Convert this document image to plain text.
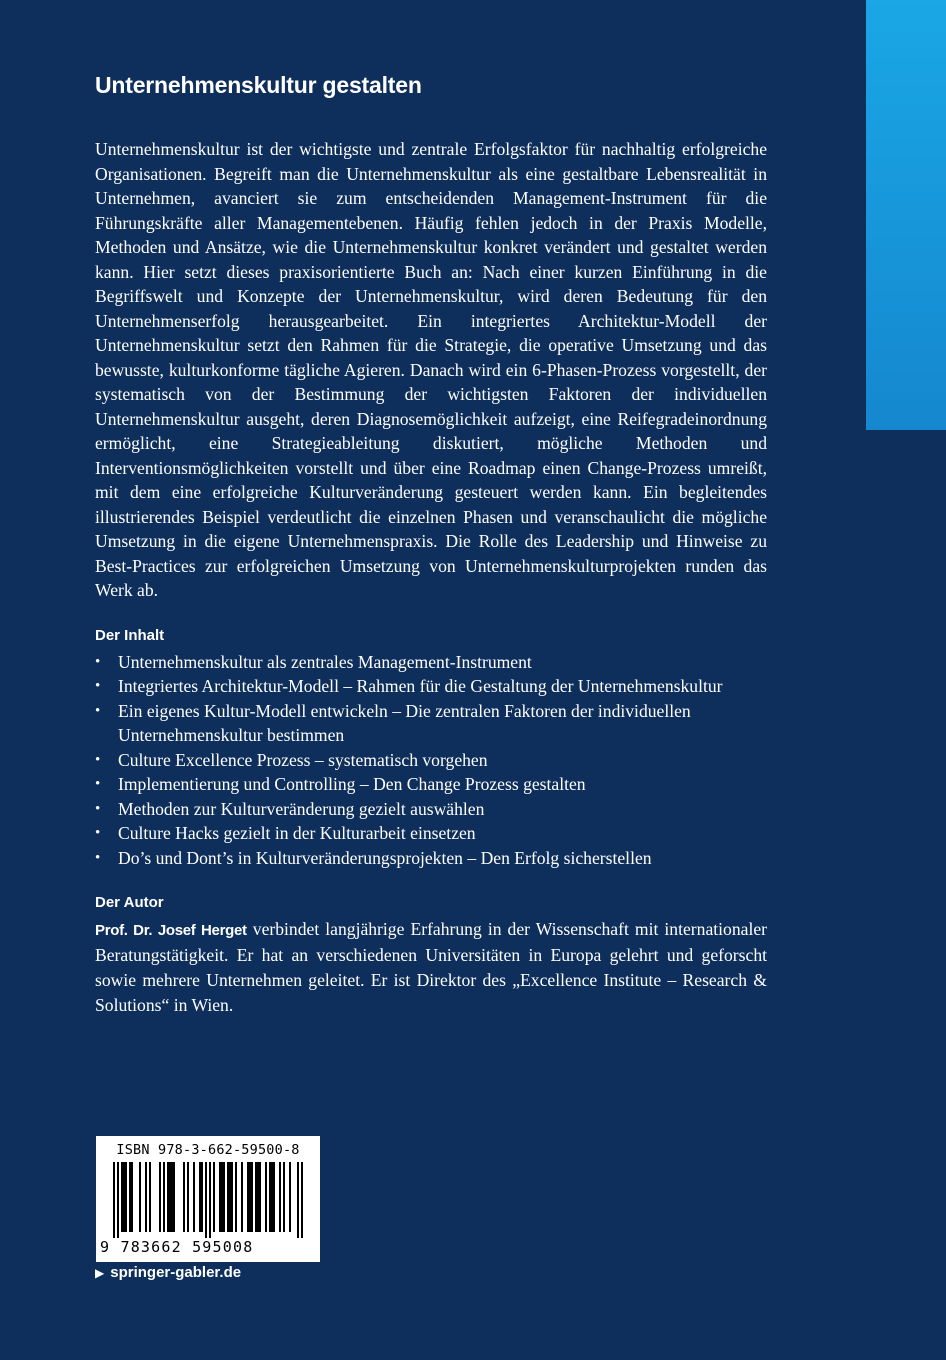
Unternehmenskultur gestalten

Unternehmenskultur ist der wichtigste und zentrale Erfolgsfaktor für nachhaltig erfolgreiche Organisationen. Begreift man die Unternehmenskultur als eine gestaltbare Lebensrealität in Unternehmen, avanciert sie zum entscheidenden Management-Instrument für die Führungskräfte aller Managementebenen. Häufig fehlen jedoch in der Praxis Modelle, Methoden und Ansätze, wie die Unternehmenskultur konkret verändert und gestaltet werden kann. Hier setzt dieses praxisorientierte Buch an: Nach einer kurzen Einführung in die Begriffswelt und Konzepte der Unternehmenskultur, wird deren Bedeutung für den Unternehmenserfolg herausgearbeitet. Ein integriertes Architektur-Modell der Unternehmenskultur setzt den Rahmen für die Strategie, die operative Umsetzung und das bewusste, kulturkonforme tägliche Agieren. Danach wird ein 6-Phasen-Prozess vorgestellt, der systematisch von der Bestimmung der wichtigsten Faktoren der individuellen Unternehmenskultur ausgeht, deren Diagnosemöglichkeit aufzeigt, eine Reifegradeinordnung ermöglicht, eine Strategieableitung diskutiert, mögliche Methoden und Interventionsmöglichkeiten vorstellt und über eine Roadmap einen Change-Prozess umreißt, mit dem eine erfolgreiche Kulturveränderung gesteuert werden kann. Ein begleitendes illustrierendes Beispiel verdeutlicht die einzelnen Phasen und veranschaulicht die mögliche Umsetzung in die eigene Unternehmenspraxis. Die Rolle des Leadership und Hinweise zu Best-Practices zur erfolgreichen Umsetzung von Unternehmenskulturprojekten runden das Werk ab.

Der Inhalt
• Unternehmenskultur als zentrales Management-Instrument
• Integriertes Architektur-Modell – Rahmen für die Gestaltung der Unternehmenskultur
• Ein eigenes Kultur-Modell entwickeln – Die zentralen Faktoren der individuellen Unternehmenskultur bestimmen
• Culture Excellence Prozess – systematisch vorgehen
• Implementierung und Controlling – Den Change Prozess gestalten
• Methoden zur Kulturveränderung gezielt auswählen
• Culture Hacks gezielt in der Kulturarbeit einsetzen
• Do’s und Dont’s in Kulturveränderungsprojekten – Den Erfolg sicherstellen
Der Autor

Prof. Dr. Josef Herget verbindet langjährige Erfahrung in der Wissenschaft mit internationaler Beratungstätigkeit. Er hat an verschiedenen Universitäten in Europa gelehrt und geforscht sowie mehrere Unternehmen geleitet. Er ist Direktor des „Excellence Institute – Research & Solutions“ in Wien.

ISBN 978-3-662-59500-8
9 783662 595008
▶ springer-gabler.de
